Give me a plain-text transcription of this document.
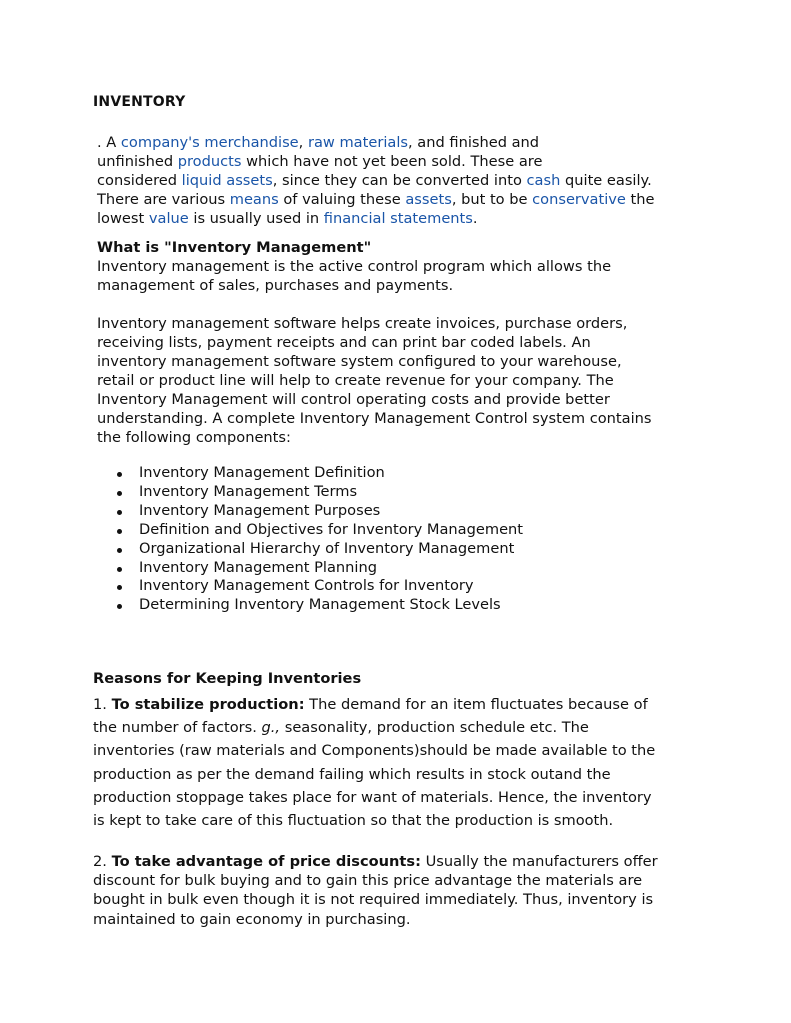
INVENTORY
. A company's merchandise, raw materials, and finished and
unfinished products which have not yet been sold. These are
considered liquid assets, since they can be converted into cash quite easily.
There are various means of valuing these assets, but to be conservative the
lowest value is usually used in financial statements.
What is "Inventory Management"
Inventory management is the active control program which allows the
management of sales, purchases and payments.
Inventory management software helps create invoices, purchase orders,
receiving lists, payment receipts and can print bar coded labels. An
inventory management software system configured to your warehouse,
retail or product line will help to create revenue for your company. The
Inventory Management will control operating costs and provide better
understanding. A complete Inventory Management Control system contains
the following components:
Inventory Management Definition
Inventory Management Terms
Inventory Management Purposes
Definition and Objectives for Inventory Management
Organizational Hierarchy of Inventory Management
Inventory Management Planning
Inventory Management Controls for Inventory
Determining Inventory Management Stock Levels
Reasons for Keeping Inventories
1. To stabilize production: The demand for an item fluctuates because of
the number of factors. g., seasonality, production schedule etc. The
inventories (raw materials and Components)should be made available to the
production as per the demand failing which results in stock outand the
production stoppage takes place for want of materials. Hence, the inventory
is kept to take care of this fluctuation so that the production is smooth.
2. To take advantage of price discounts: Usually the manufacturers offer
discount for bulk buying and to gain this price advantage the materials are
bought in bulk even though it is not required immediately. Thus, inventory is
maintained to gain economy in purchasing.
